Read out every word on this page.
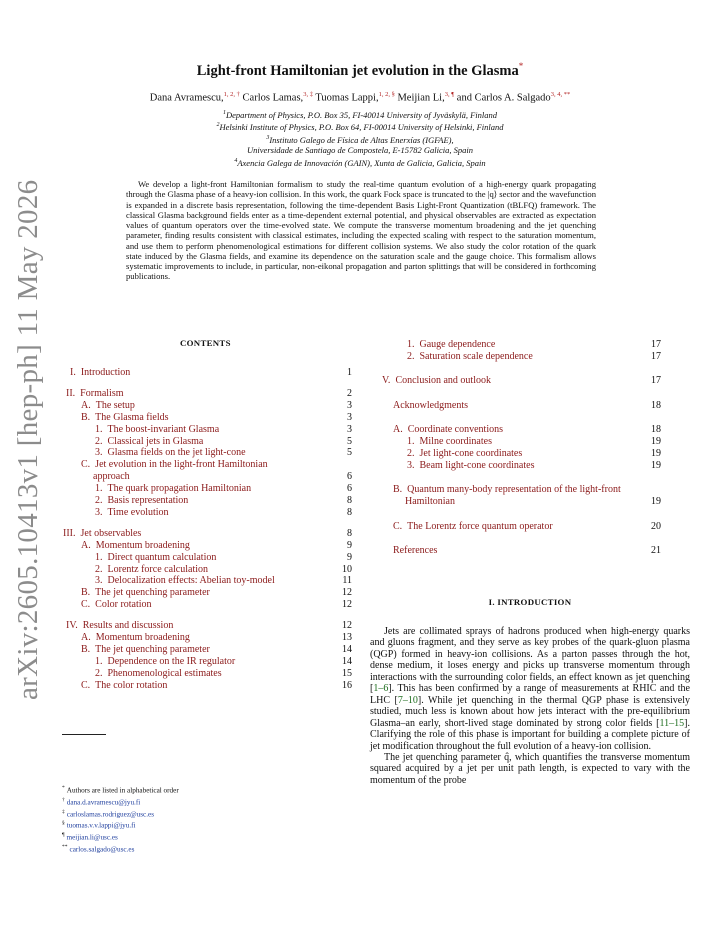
arXiv:2605.10413v1 [hep-ph] 11 May 2026
Light-front Hamiltonian jet evolution in the Glasma*
Dana Avramescu,$^{1, 2, \dagger}$ Carlos Lamas,$^{3, \ddagger}$ Tuomas Lappi,$^{1, 2, \S}$ Meijian Li,$^{3, \P}$ and Carlos A. Salgado$^{3, 4, **}$
$^1$Department of Physics, P.O. Box 35, FI-40014 University of Jyväskylä, Finland
$^2$Helsinki Institute of Physics, P.O. Box 64, FI-00014 University of Helsinki, Finland
$^3$Instituto Galego de Física de Altas Enerxías (IGFAE),
Universidade de Santiago de Compostela, E-15782 Galicia, Spain
$^4$Axencia Galega de Innovación (GAIN), Xunta de Galicia, Galicia, Spain
We develop a light-front Hamiltonian formalism to study the real-time quantum evolution of a high-energy quark propagating through the Glasma phase of a heavy-ion collision. In this work, the quark Fock space is truncated to the |q⟩ sector and the wavefunction is expanded in a discrete basis representation, following the time-dependent Basis Light-Front Quantization (tBLFQ) framework. The classical Glasma background fields enter as a time-dependent external potential, and physical observables are extracted as expectation values of quantum operators over the time-evolved state. We compute the transverse momentum broadening and the jet quenching parameter, finding results consistent with classical estimates, including the expected scaling with respect to the saturation momentum, and use them to perform phenomenological estimations for different collision systems. We also study the color rotation of the quark state induced by the Glasma fields, and examine its dependence on the saturation scale and the gauge choice. This formalism allows systematic improvements to include, in particular, non-eikonal propagation and parton splittings that will be considered in forthcoming publications.
CONTENTS
I. Introduction	1
II. Formalism	2
A. The setup	3
B. The Glasma fields	3
1. The boost-invariant Glasma	3
2. Classical jets in Glasma	5
3. Glasma fields on the jet light-cone	5
C. Jet evolution in the light-front Hamiltonian
approach	6
1. The quark propagation Hamiltonian	6
2. Basis representation	8
3. Time evolution	8
III. Jet observables	8
A. Momentum broadening	9
1. Direct quantum calculation	9
2. Lorentz force calculation	10
3. Delocalization effects: Abelian toy-model	11
B. The jet quenching parameter	12
C. Color rotation	12
IV. Results and discussion	12
A. Momentum broadening	13
B. The jet quenching parameter	14
1. Dependence on the IR regulator	14
2. Phenomenological estimates	15
C. The color rotation	16
1. Gauge dependence	17
2. Saturation scale dependence	17
V. Conclusion and outlook	17
Acknowledgments	18
A. Coordinate conventions	18
1. Milne coordinates	19
2. Jet light-cone coordinates	19
3. Beam light-cone coordinates	19
B. Quantum many-body representation of the light-front
Hamiltonian	19
C. The Lorentz force quantum operator	20
References	21
* Authors are listed in alphabetical order
† dana.d.avramescu@jyu.fi
‡ carloslamas.rodriguez@usc.es
§ tuomas.v.v.lappi@jyu.fi
¶ meijian.li@usc.es
** carlos.salgado@usc.es
I. INTRODUCTION

Jets are collimated sprays of hadrons produced when high-energy quarks and gluons fragment, and they serve as key probes of the quark-gluon plasma (QGP) formed in heavy-ion collisions. As a parton passes through the hot, dense medium, it loses energy and picks up transverse momentum through interactions with the surrounding color fields, an effect known as jet quenching [1–6]. This has been confirmed by a range of measurements at RHIC and the LHC [7–10]. While jet quenching in the thermal QGP phase is extensively studied, much less is known about how jets interact with the pre-equilibrium Glasma–an early, short-lived stage dominated by strong color fields [11–15]. Clarifying the role of this phase is important for building a complete picture of jet modification throughout the full evolution of a heavy-ion collision.

The jet quenching parameter q̂, which quantifies the transverse momentum squared acquired by a jet per unit path length, is expected to vary with the momentum of the probe
